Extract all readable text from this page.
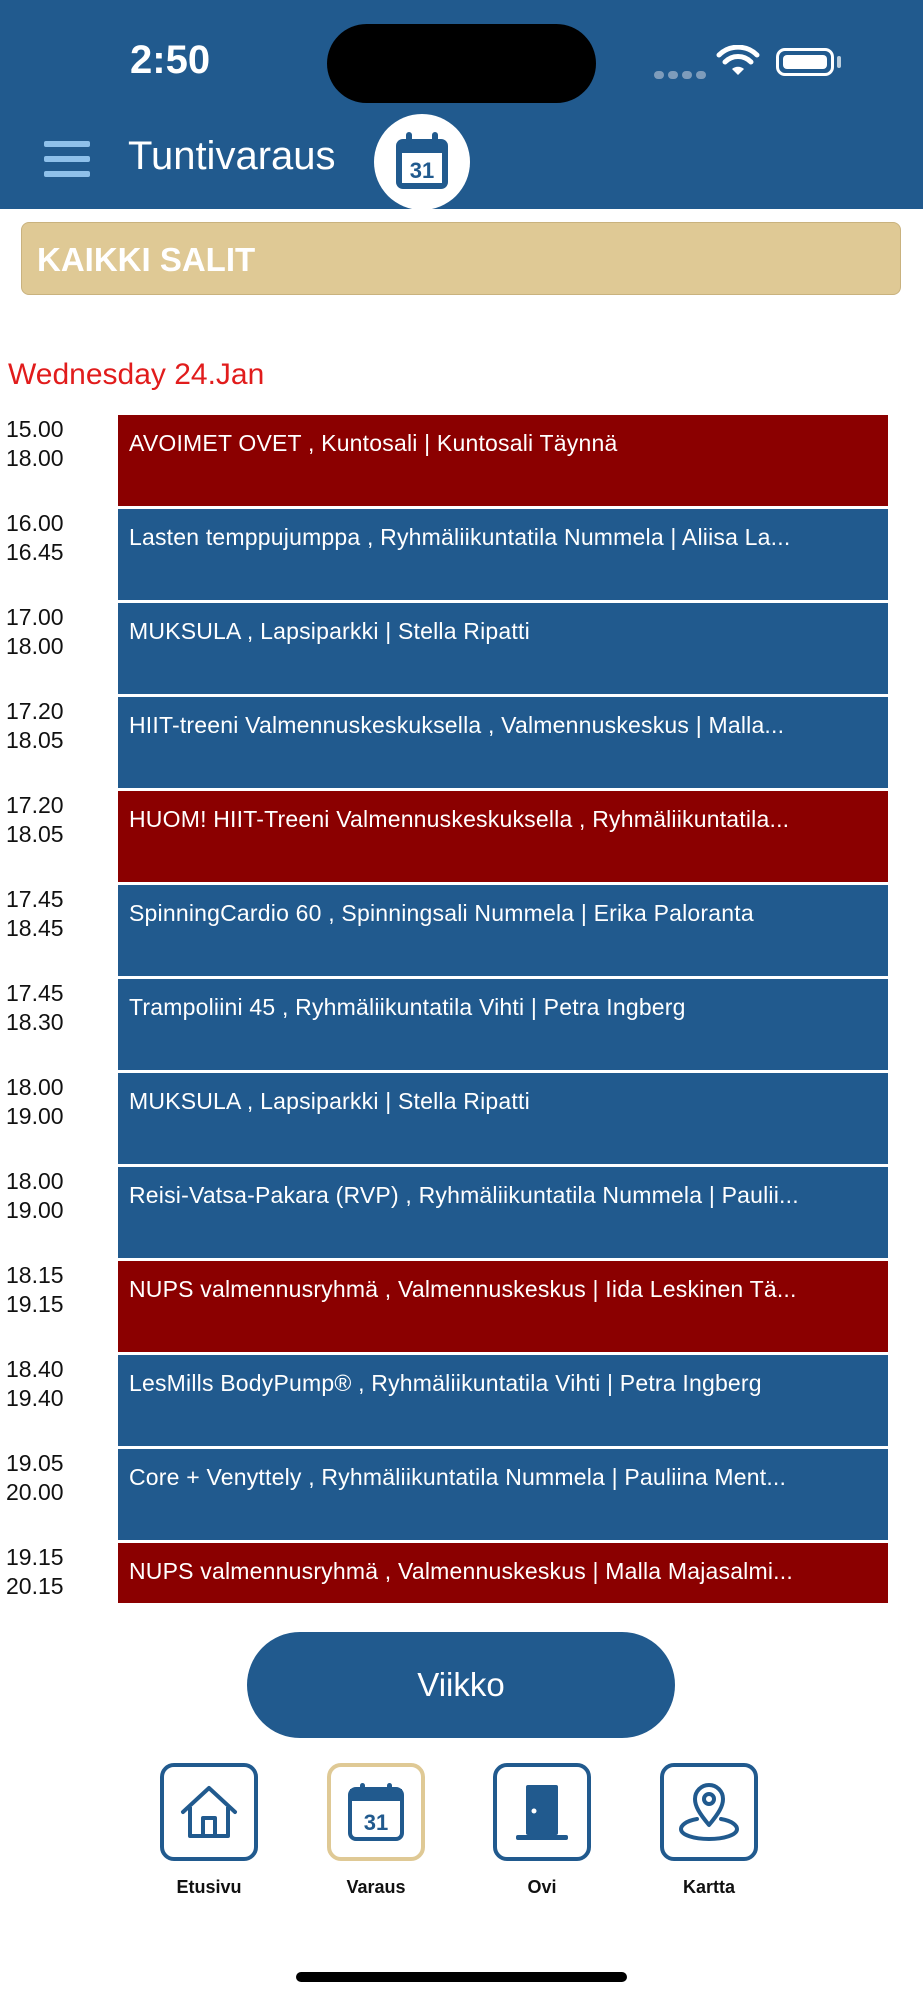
2:50
Tuntivaraus	31
KAIKKI SALIT
Wednesday 24.Jan
15.00
18.00
AVOIMET OVET , Kuntosali | Kuntosali Täynnä
16.00
16.45
Lasten temppujumppa , Ryhmäliikuntatila Nummela | Aliisa La...
17.00
18.00
MUKSULA , Lapsiparkki | Stella Ripatti
17.20
18.05
HIIT-treeni Valmennuskeskuksella , Valmennuskeskus | Malla...
17.20
18.05
HUOM! HIIT-Treeni Valmennuskeskuksella , Ryhmäliikuntatila...
17.45
18.45
SpinningCardio 60 , Spinningsali Nummela | Erika Paloranta
17.45
18.30
Trampoliini 45 , Ryhmäliikuntatila Vihti | Petra Ingberg
18.00
19.00
MUKSULA , Lapsiparkki | Stella Ripatti
18.00
19.00
Reisi-Vatsa-Pakara (RVP) , Ryhmäliikuntatila Nummela | Paulii...
18.15
19.15
NUPS valmennusryhmä , Valmennuskeskus | Iida Leskinen Tä...
18.40
19.40
LesMills BodyPump® , Ryhmäliikuntatila Vihti | Petra Ingberg
19.05
20.00
Core + Venyttely , Ryhmäliikuntatila Nummela | Pauliina Ment...
19.15
20.15
NUPS valmennusryhmä , Valmennuskeskus | Malla Majasalmi...
Viikko
Etusivu
31
Varaus	Ovi	Kartta
